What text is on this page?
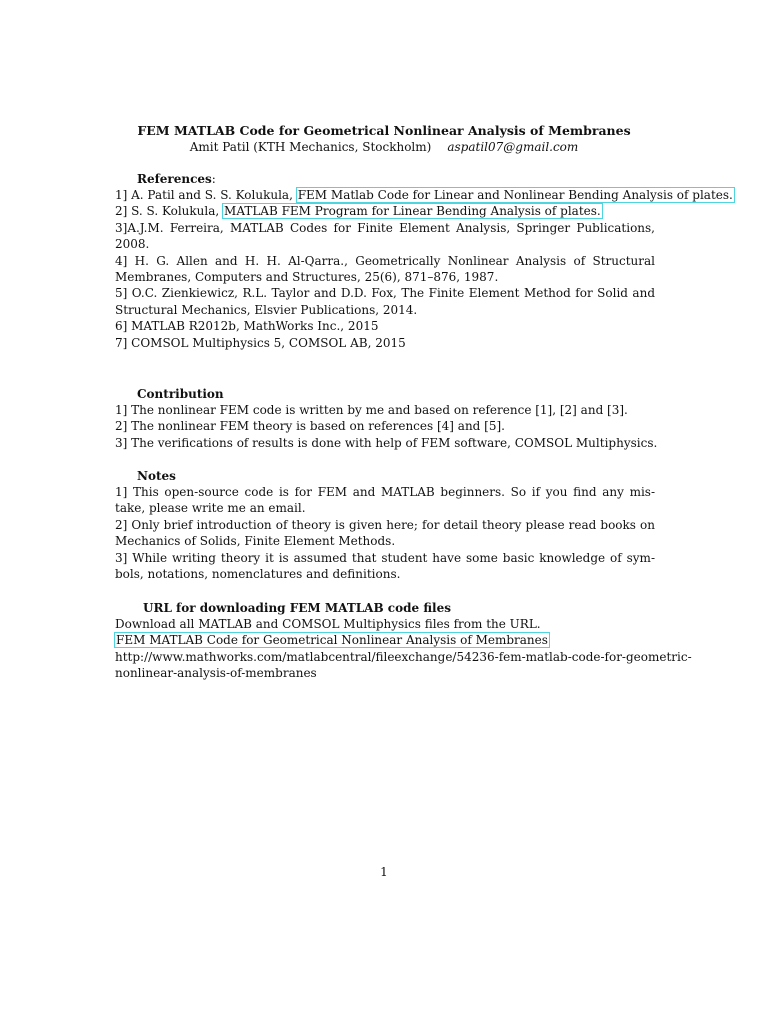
FEM MATLAB Code for Geometrical Nonlinear Analysis of Membranes
Amit Patil (KTH Mechanics, Stockholm) aspatil07@gmail.com
References:
1] A. Patil and S. S. Kolukula, FEM Matlab Code for Linear and Nonlinear Bending Analysis of plates.
2] S. S. Kolukula, MATLAB FEM Program for Linear Bending Analysis of plates.
3]A.J.M. Ferreira, MATLAB Codes for Finite Element Analysis, Springer Publications, 2008.
4] H. G. Allen and H. H. Al-Qarra., Geometrically Nonlinear Analysis of Structural Membranes, Computers and Structures, 25(6), 871–876, 1987.
5] O.C. Zienkiewicz, R.L. Taylor and D.D. Fox, The Finite Element Method for Solid and Structural Mechanics, Elsvier Publications, 2014.
6] MATLAB R2012b, MathWorks Inc., 2015
7] COMSOL Multiphysics 5, COMSOL AB, 2015
Contribution
1] The nonlinear FEM code is written by me and based on reference [1], [2] and [3].
2] The nonlinear FEM theory is based on references [4] and [5].
3] The verifications of results is done with help of FEM software, COMSOL Multiphysics.
Notes
1] This open-source code is for FEM and MATLAB beginners. So if you find any mis-take, please write me an email.
2] Only brief introduction of theory is given here; for detail theory please read books on Mechanics of Solids, Finite Element Methods.
3] While writing theory it is assumed that student have some basic knowledge of sym-bols, notations, nomenclatures and definitions.
URL for downloading FEM MATLAB code files
Download all MATLAB and COMSOL Multiphysics files from the URL.
FEM MATLAB Code for Geometrical Nonlinear Analysis of Membranes
http://www.mathworks.com/matlabcentral/fileexchange/54236-fem-matlab-code-for-geometric-
nonlinear-analysis-of-membranes
1
